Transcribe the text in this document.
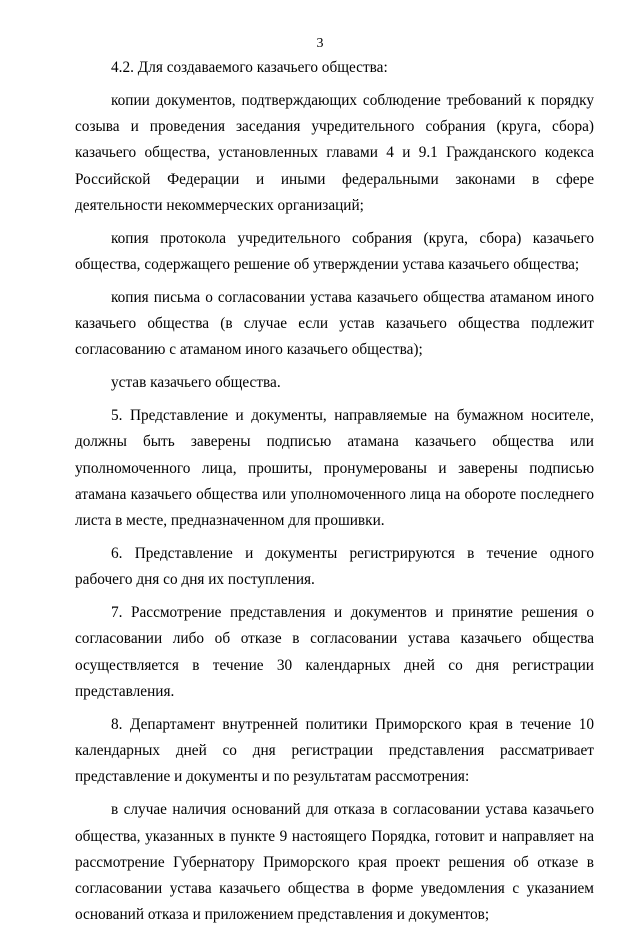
3

4.2. Для создаваемого казачьего общества:

копии документов, подтверждающих соблюдение требований к порядку созыва и проведения заседания учредительного собрания (круга, сбора) казачьего общества, установленных главами 4 и 9.1 Гражданского кодекса Российской Федерации и иными федеральными законами в сфере деятельности некоммерческих организаций;

копия протокола учредительного собрания (круга, сбора) казачьего общества, содержащего решение об утверждении устава казачьего общества;

копия письма о согласовании устава казачьего общества атаманом иного казачьего общества (в случае если устав казачьего общества подлежит согласованию с атаманом иного казачьего общества);

устав казачьего общества.

5. Представление и документы, направляемые на бумажном носителе, должны быть заверены подписью атамана казачьего общества или уполномоченного лица, прошиты, пронумерованы и заверены подписью атамана казачьего общества или уполномоченного лица на обороте последнего листа в месте, предназначенном для прошивки.

6. Представление и документы регистрируются в течение одного рабочего дня со дня их поступления.

7. Рассмотрение представления и документов и принятие решения о согласовании либо об отказе в согласовании устава казачьего общества осуществляется в течение 30 календарных дней со дня регистрации представления.

8. Департамент внутренней политики Приморского края в течение 10 календарных дней со дня регистрации представления рассматривает представление и документы и по результатам рассмотрения:

в случае наличия оснований для отказа в согласовании устава казачьего общества, указанных в пункте 9 настоящего Порядка, готовит и направляет на рассмотрение Губернатору Приморского края проект решения об отказе в согласовании устава казачьего общества в форме уведомления с указанием оснований отказа и приложением представления и документов;
